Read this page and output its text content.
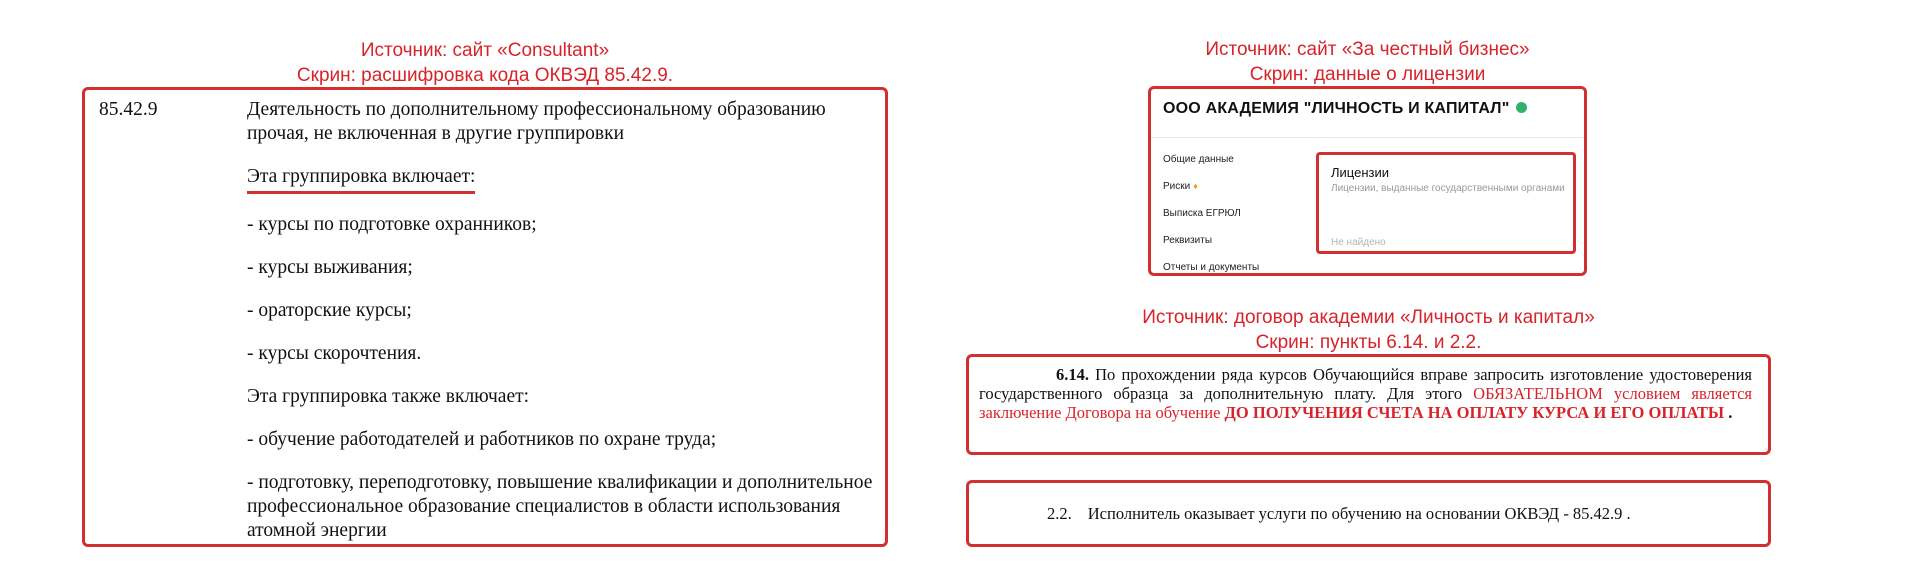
Источник: сайт «Consultant»
Скрин: расшифровка кода ОКВЭД 85.42.9.
85.42.9	Деятельность по дополнительному профессиональному образованию прочая, не включенная в другие группировки

Эта группировка включает:

- курсы по подготовке охранников;

- курсы выживания;

- ораторские курсы;

- курсы скорочтения.

Эта группировка также включает:

- обучение работодателей и работников по охране труда;

- подготовку, переподготовку, повышение квалификации и дополнительное профессиональное образование специалистов в области использования атомной энергии

Источник: сайт «За честный бизнес»
Скрин: данные о лицензии
ООО АКАДЕМИЯ "ЛИЧНОСТЬ И КАПИТАЛ"
Общие данные
Риски ♦
Выписка ЕГРЮЛ
Реквизиты
Отчеты и документы
Лицензии
Лицензии, выданные государственными органами
Не найдено
Источник: договор академии «Личность и капитал»
Скрин: пункты 6.14. и 2.2.
6.14. По прохождении ряда курсов Обучающийся вправе запросить изготовление удостоверения государственного образца за дополнительную плату. Для этого ОБЯЗАТЕЛЬНОМ условием является заключение Договора на обучение ДО ПОЛУЧЕНИЯ СЧЕТА НА ОПЛАТУ КУРСА И ЕГО ОПЛАТЫ .
2.2. Исполнитель оказывает услуги по обучению на основании ОКВЭД - 85.42.9 .
